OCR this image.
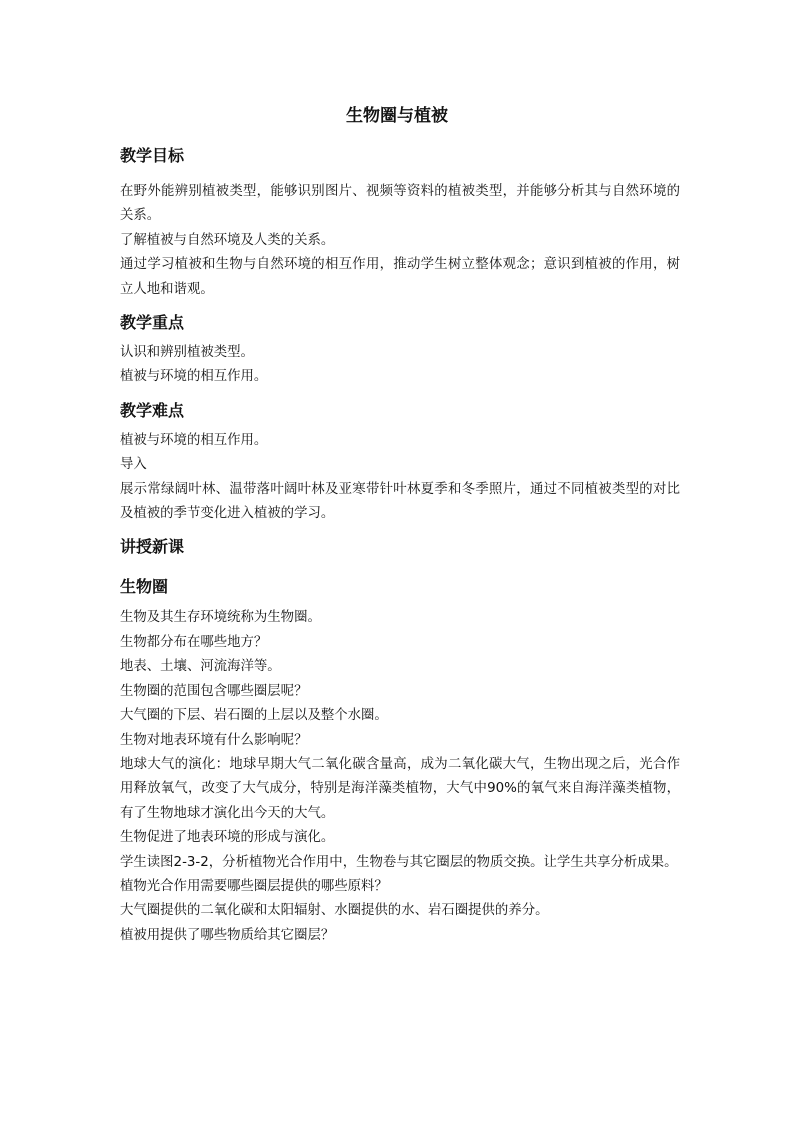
生物圈与植被
教学目标

在野外能辨别植被类型，能够识别图片、视频等资料的植被类型，并能够分析其与自然环境的关系。

了解植被与自然环境及人类的关系。

通过学习植被和生物与自然环境的相互作用，推动学生树立整体观念；意识到植被的作用，树立人地和谐观。

教学重点

认识和辨别植被类型。

植被与环境的相互作用。

教学难点

植被与环境的相互作用。

导入

展示常绿阔叶林、温带落叶阔叶林及亚寒带针叶林夏季和冬季照片，通过不同植被类型的对比及植被的季节变化进入植被的学习。

讲授新课
生物圈

生物及其生存环境统称为生物圈。

生物都分布在哪些地方？

地表、土壤、河流海洋等。

生物圈的范围包含哪些圈层呢？

大气圈的下层、岩石圈的上层以及整个水圈。

生物对地表环境有什么影响呢？

地球大气的演化：地球早期大气二氧化碳含量高，成为二氧化碳大气，生物出现之后，光合作用释放氧气，改变了大气成分，特别是海洋藻类植物，大气中90%的氧气来自海洋藻类植物，有了生物地球才演化出今天的大气。

生物促进了地表环境的形成与演化。

学生读图2-3-2，分析植物光合作用中，生物卷与其它圈层的物质交换。让学生共享分析成果。

植物光合作用需要哪些圈层提供的哪些原料？

大气圈提供的二氧化碳和太阳辐射、水圈提供的水、岩石圈提供的养分。

植被用提供了哪些物质给其它圈层？
